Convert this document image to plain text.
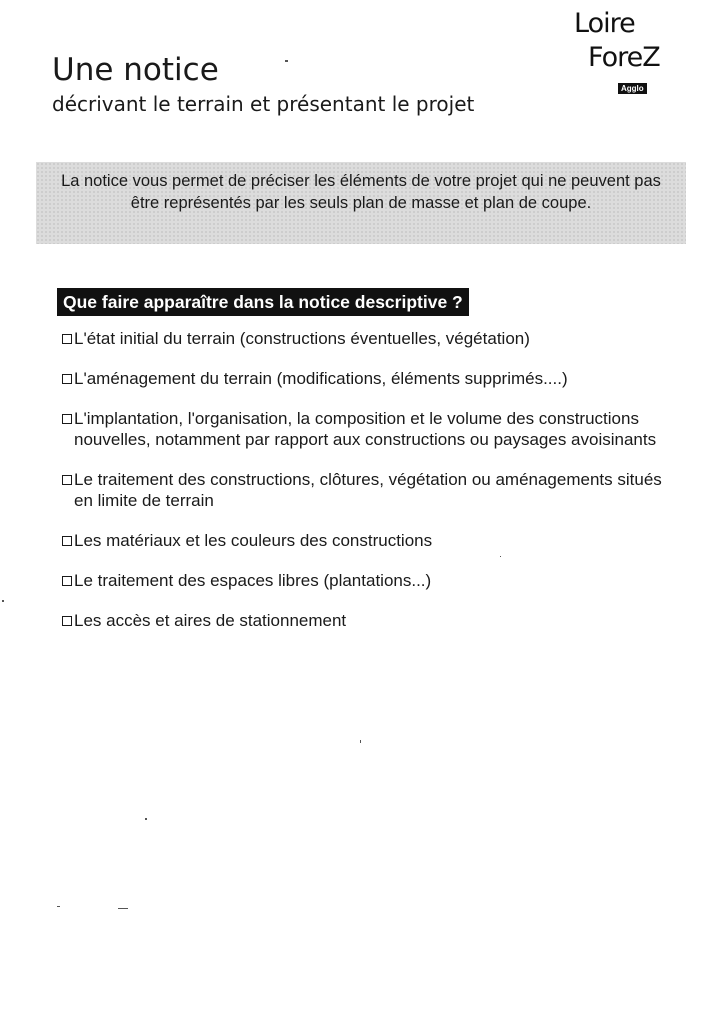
Loire
ForeZ
Agglo
Une notice
décrivant le terrain et présentant le projet
La notice vous permet de préciser les éléments de votre projet qui ne peuvent pas être représentés par les seuls plan de masse et plan de coupe.
Que faire apparaître dans la notice descriptive ?
L'état initial du terrain (constructions éventuelles, végétation)
L'aménagement du terrain (modifications, éléments supprimés....)
L'implantation, l'organisation, la composition et le volume des constructions nouvelles, notamment par rapport aux constructions ou paysages avoisinants
Le traitement des constructions, clôtures, végétation ou aménagements situés en limite de terrain
Les matériaux et les couleurs des constructions
Le traitement des espaces libres (plantations...)
Les accès et aires de stationnement
